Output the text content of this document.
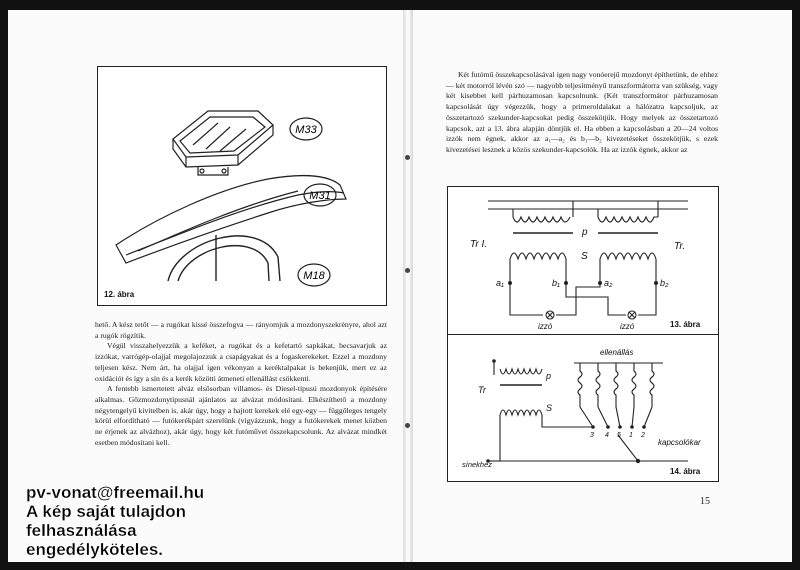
M33
M31
M18
12. ábra

hető. A kész tetőt — a rugókat kissé összefogva — rányomjuk a mozdonyszekrényre, ahol azt a rugók rögzítik.

Végül visszahelyezzük a keféket, a rugókat és a kefetartó sapkákat, becsavarjuk az izzókat, varrógép-olajjal megolajozzuk a csapágyakat és a fogaskerekeket. Ezzel a mozdony teljesen kész. Nem árt, ha olajjal igen vékonyan a keréktalpakat is bekenjük, mert ez az oxidációt és így a sín és a kerék közötti átmeneti ellenállást csökkenti.

A fentebb ismertetett alváz elsősorban villamos- és Diesel-típusú mozdonyok építésére alkalmas. Gőzmozdonytípusnál ajánlatos az alvázat módosítani. Elkészíthető a mozdony négytengelyű kivitelben is, akár úgy, hogy a hajtott kerekek elé egy-egy — függőleges tengely körül elfordítható — futókerékpárt szerelünk (vigyázzunk, hogy a futókerekek menet közben ne érjenek az alvázhoz), akár úgy, hogy két futóművet összekapcsolunk. Az alvázat mindkét esetben módosítani kell.

Két futómű összekapcsolásával igen nagy vonóerejű mozdonyt építhetünk, de ehhez — két motorról lévén szó — nagyobb teljesítményű transzformátorra van szükség, vagy két kisebbet kell párhuzamosan kapcsolnunk. (Két transzformátor párhuzamosan kapcsolását úgy végezzük, hogy a primeroldalakat a hálózatra kapcsoljuk, az összetartozó szekunder-kapcsokat pedig összekötjük. Hogy melyek az összetartozó kapcsok, azt a 13. ábra alapján döntjük el. Ha ebben a kapcsolásban a 20—24 voltos izzók nem égnek, akkor az a₁—a₂ és b₁—b₂ kivezetéseket összekötjük, s ezek kivezetései lesznek a közös szekunder-kapcsolók. Ha az izzók égnek, akkor az

Tr I.	Tr.
p
S
a₁	b₁	a₂	b₂
izzó	izzó	13. ábra
Tr
p
S
ellenállás
kapcsolókar
sínekhez
3 4 5 1 2
14. ábra
15
pv-vonat@freemail.hu
A kép saját tulajdon
felhasználása
engedélyköteles.
